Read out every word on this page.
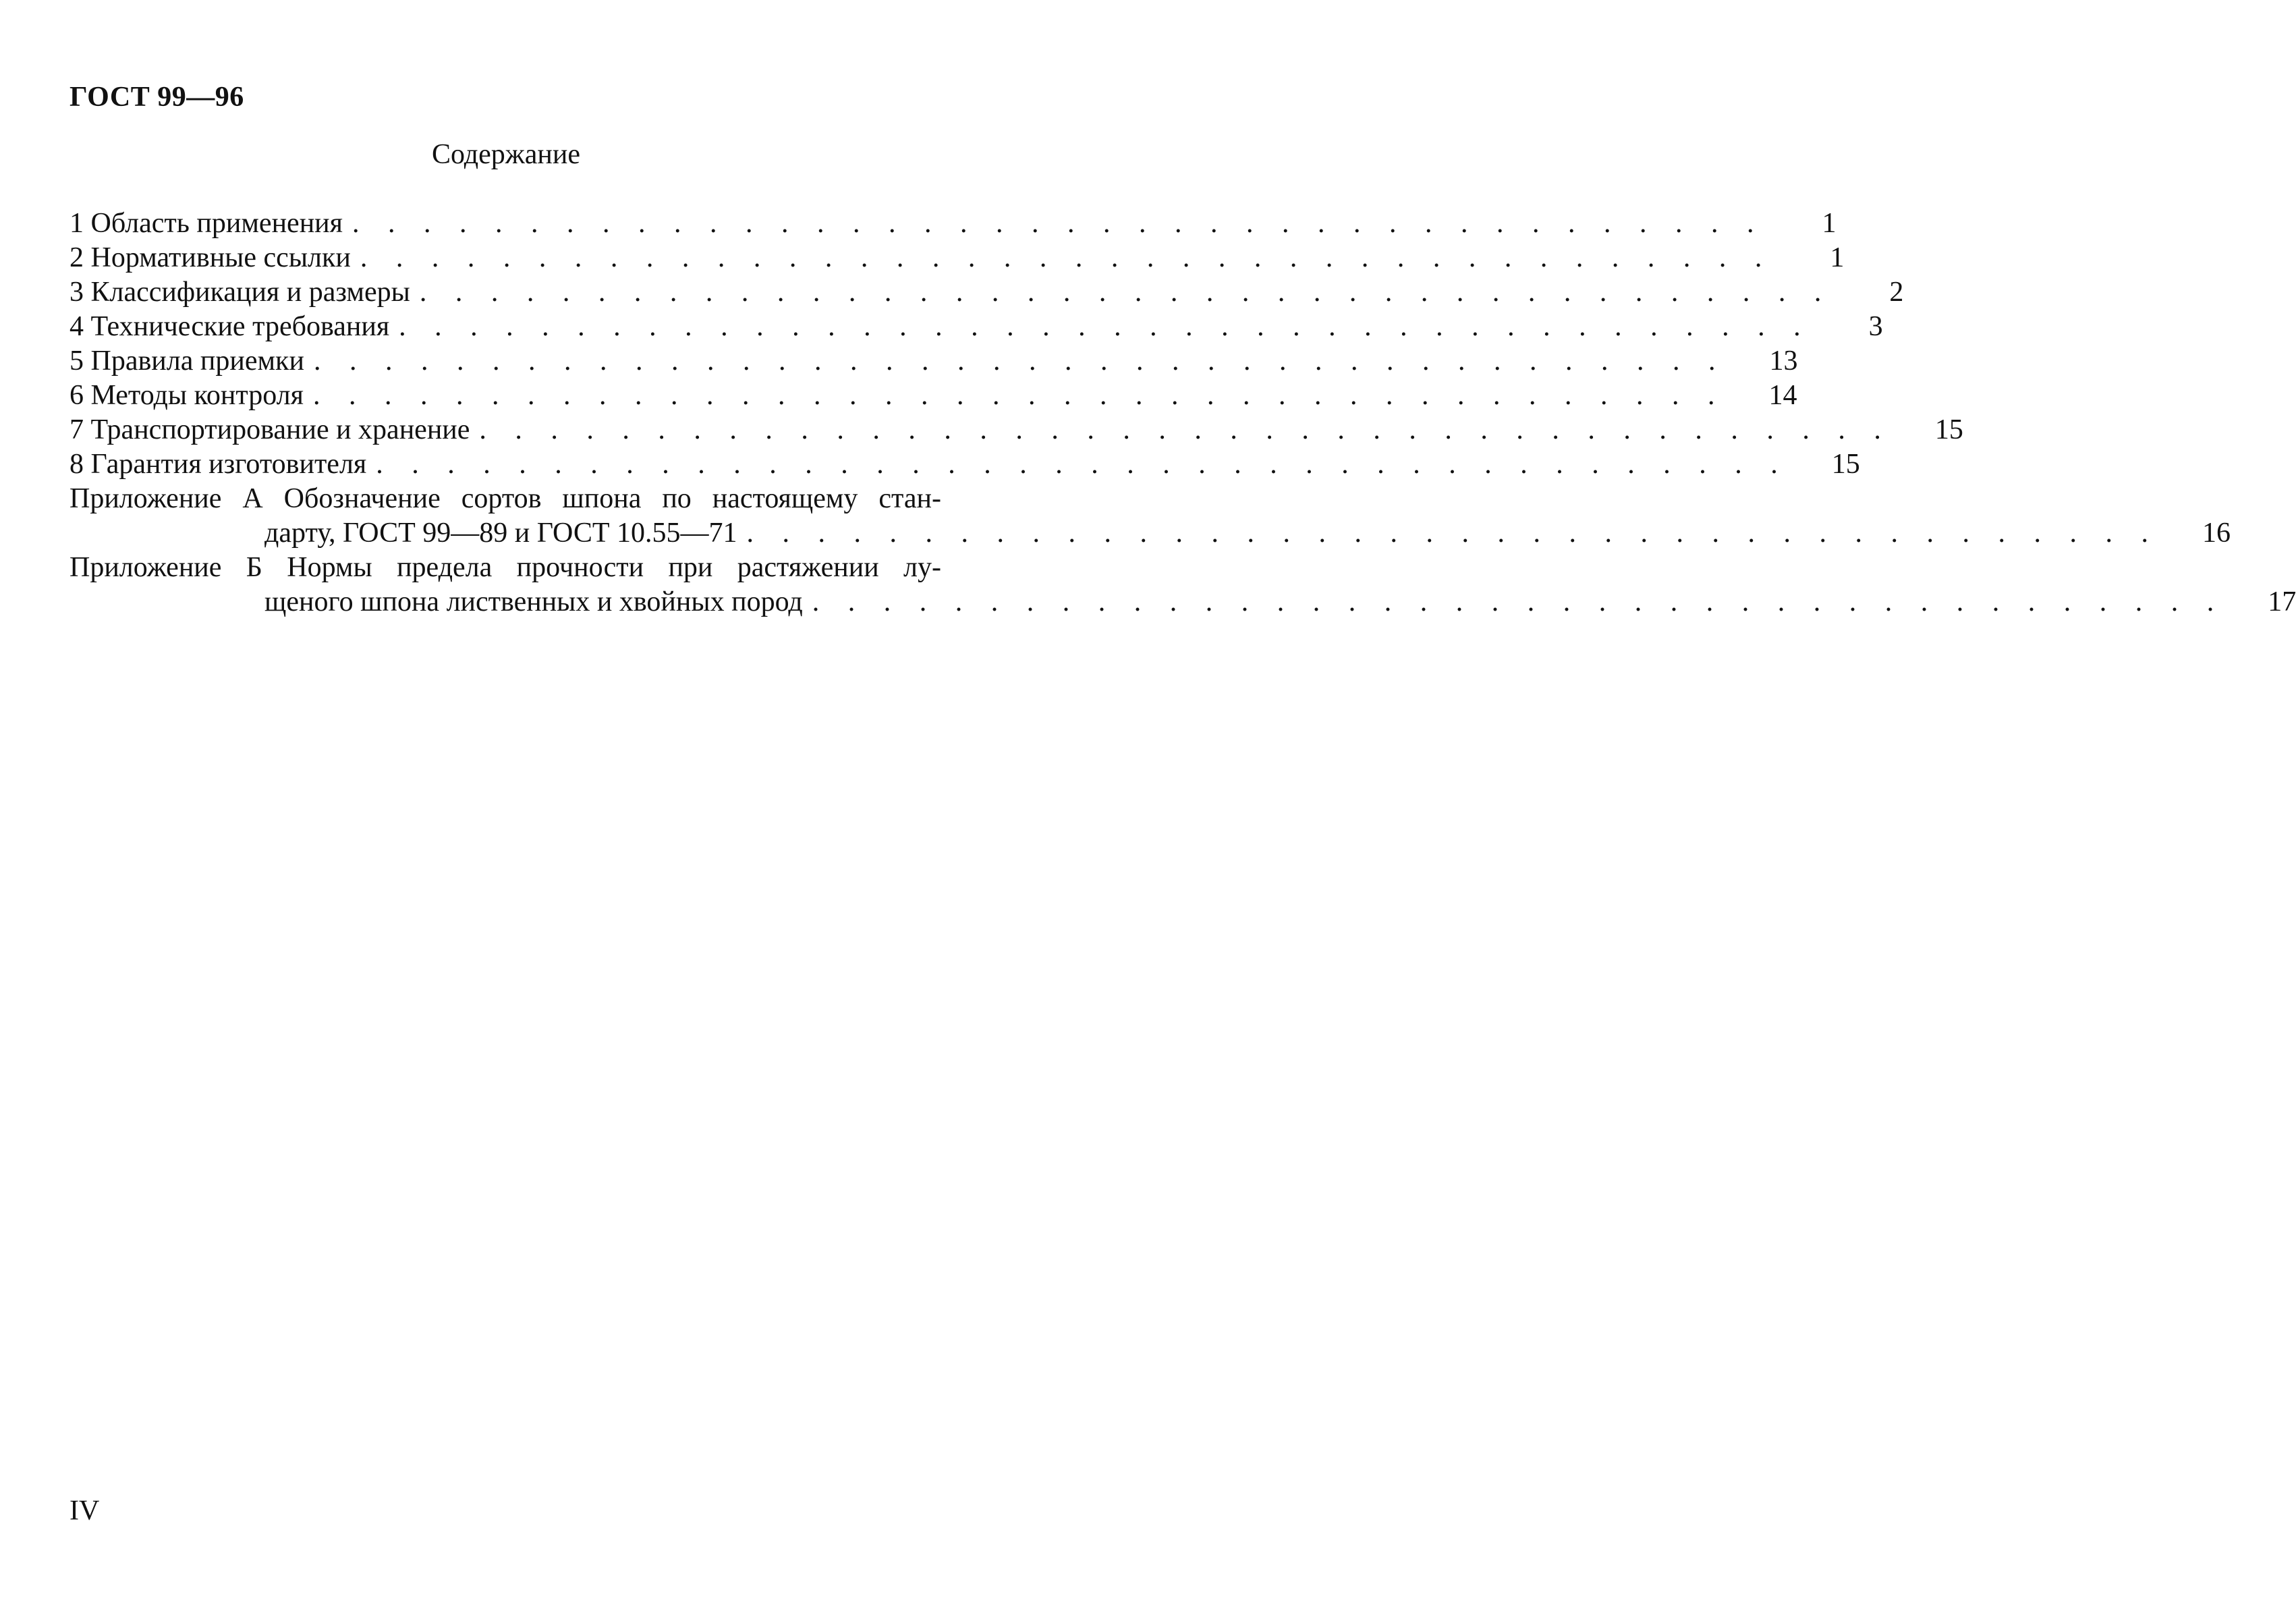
ГОСТ 99—96
Содержание
1 Область применения . . . . . . . . . . . . . . . . . . . . . . . . . . . . . . . . . . . . . . . .	1
2 Нормативные ссылки . . . . . . . . . . . . . . . . . . . . . . . . . . . . . . . . . . . . . . . .	1
3 Классификация и размеры . . . . . . . . . . . . . . . . . . . . . . . . . . . . . . . . . . . . . . . .	2
4 Технические требования . . . . . . . . . . . . . . . . . . . . . . . . . . . . . . . . . . . . . . . .	3
5 Правила приемки . . . . . . . . . . . . . . . . . . . . . . . . . . . . . . . . . . . . . . . .	13
6 Методы контроля . . . . . . . . . . . . . . . . . . . . . . . . . . . . . . . . . . . . . . . .	14
7 Транспортирование и хранение . . . . . . . . . . . . . . . . . . . . . . . . . . . . . . . . . . . . . . . .	15
8 Гарантия изготовителя . . . . . . . . . . . . . . . . . . . . . . . . . . . . . . . . . . . . . . . .	15
Приложение А Обозначение сортов шпона по настоящему стан-
дарту, ГОСТ 99—89 и ГОСТ 10.55—71 . . . . . . . . . . . . . . . . . . . . . . . . . . . . . . . . . . . . . . . .	16
Приложение Б Нормы предела прочности при растяжении лу-
щеного шпона лиственных и хвойных пород . . . . . . . . . . . . . . . . . . . . . . . . . . . . . . . . . . . . . . . .	17
IV
